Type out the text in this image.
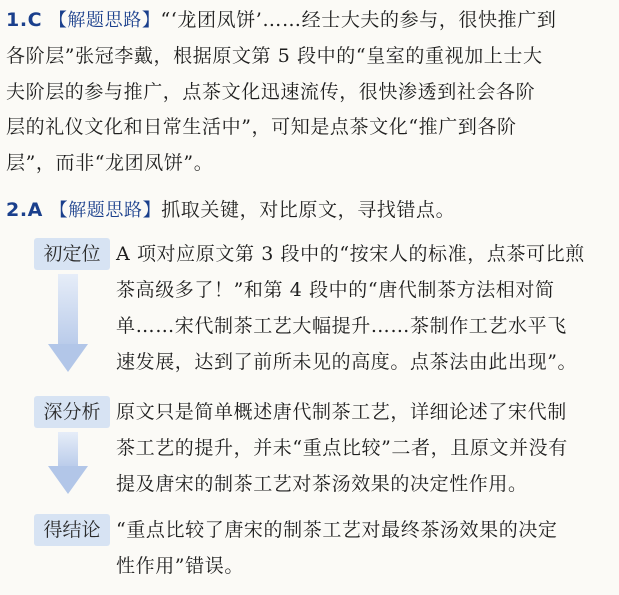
1.C 【解题思路】“‘龙团凤饼’……经士大夫的参与，很快推广到
各阶层”张冠李戴，根据原文第 5 段中的“皇室的重视加上士大
夫阶层的参与推广，点茶文化迅速流传，很快渗透到社会各阶
层的礼仪文化和日常生活中”，可知是点茶文化“推广到各阶
层”，而非“龙团凤饼”。
2.A 【解题思路】抓取关键，对比原文，寻找错点。
初定位 A 项对应原文第 3 段中的“按宋人的标准，点茶可比煎
茶高级多了！”和第 4 段中的“唐代制茶方法相对简
单……宋代制茶工艺大幅提升……茶制作工艺水平飞
速发展，达到了前所未见的高度。点茶法由此出现”。
深分析 原文只是简单概述唐代制茶工艺，详细论述了宋代制
茶工艺的提升，并未“重点比较”二者，且原文并没有
提及唐宋的制茶工艺对茶汤效果的决定性作用。
得结论 “重点比较了唐宋的制茶工艺对最终茶汤效果的决定
性作用”错误。
